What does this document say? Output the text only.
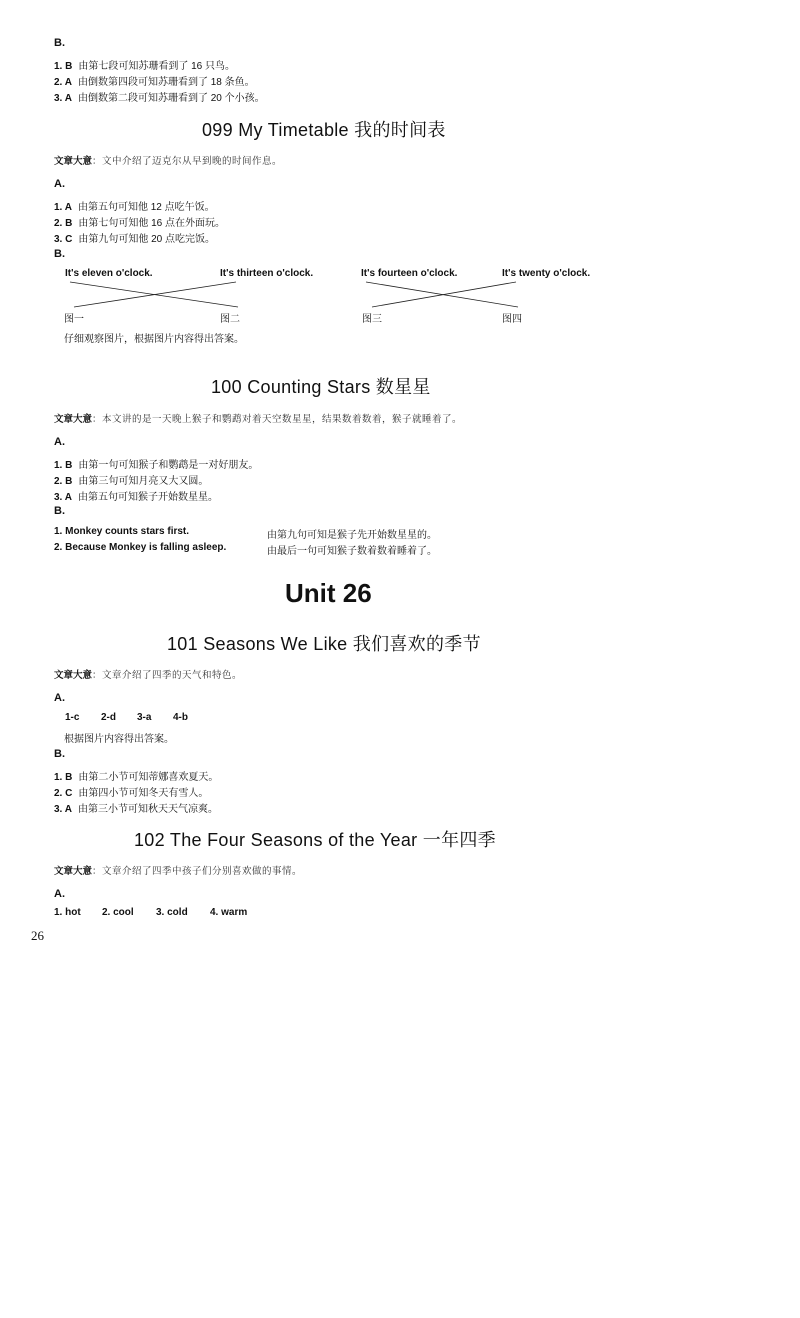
B.
1. B 由第七段可知苏珊看到了 16 只鸟。
2. A 由倒数第四段可知苏珊看到了 18 条鱼。
3. A 由倒数第二段可知苏珊看到了 20 个小孩。
099 My Timetable 我的时间表
文章大意：文中介绍了迈克尔从早到晚的时间作息。
A.
1. A 由第五句可知他 12 点吃午饭。
2. B 由第七句可知他 16 点在外面玩。
3. C 由第九句可知他 20 点吃完饭。
B.
It's eleven o'clock.	It's thirteen o'clock.	It's fourteen o'clock.	It's twenty o'clock.
图一	图二	图三	图四
仔细观察图片，根据图片内容得出答案。
100 Counting Stars 数星星
文章大意：本文讲的是一天晚上猴子和鹦鹉对着天空数星星，结果数着数着，猴子就睡着了。
A.
1. B 由第一句可知猴子和鹦鹉是一对好朋友。
2. B 由第三句可知月亮又大又圆。
3. A 由第五句可知猴子开始数星星。
B.
1. Monkey counts stars first.	由第九句可知是猴子先开始数星星的。
2. Because Monkey is falling asleep.	由最后一句可知猴子数着数着睡着了。
Unit 26
101 Seasons We Like 我们喜欢的季节
文章大意：文章介绍了四季的天气和特色。
A.
1-c 2-d 3-a 4-b
根据图片内容得出答案。
B.
1. B 由第二小节可知蒂娜喜欢夏天。
2. C 由第四小节可知冬天有雪人。
3. A 由第三小节可知秋天天气凉爽。
102 The Four Seasons of the Year 一年四季
文章大意：文章介绍了四季中孩子们分别喜欢做的事情。
A.
1. hot 2. cool 3. cold 4. warm
26
